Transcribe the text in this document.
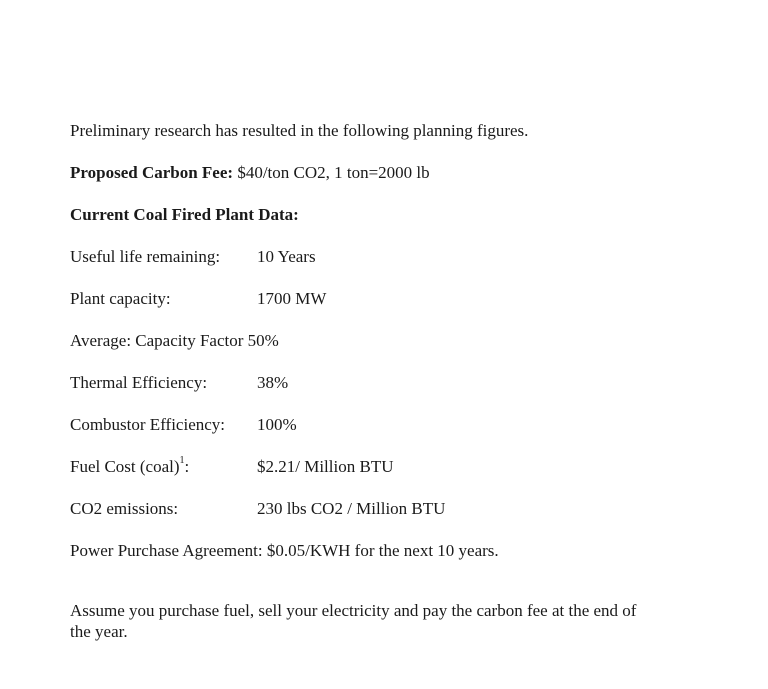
Preliminary research has resulted in the following planning figures.
Proposed Carbon Fee: $40/ton CO2, 1 ton=2000 lb
Current Coal Fired Plant Data:
Useful life remaining: 10 Years
Plant capacity:	1700 MW
Average: Capacity Factor 50%
Thermal Efficiency:	38%
Combustor Efficiency: 100%
Fuel Cost (coal)$^1$:	$2.21/ Million BTU
CO2 emissions:	230 lbs CO2 / Million BTU
Power Purchase Agreement: $0.05/KWH for the next 10 years.
Assume you purchase fuel, sell your electricity and pay the carbon fee at the end of the year.
